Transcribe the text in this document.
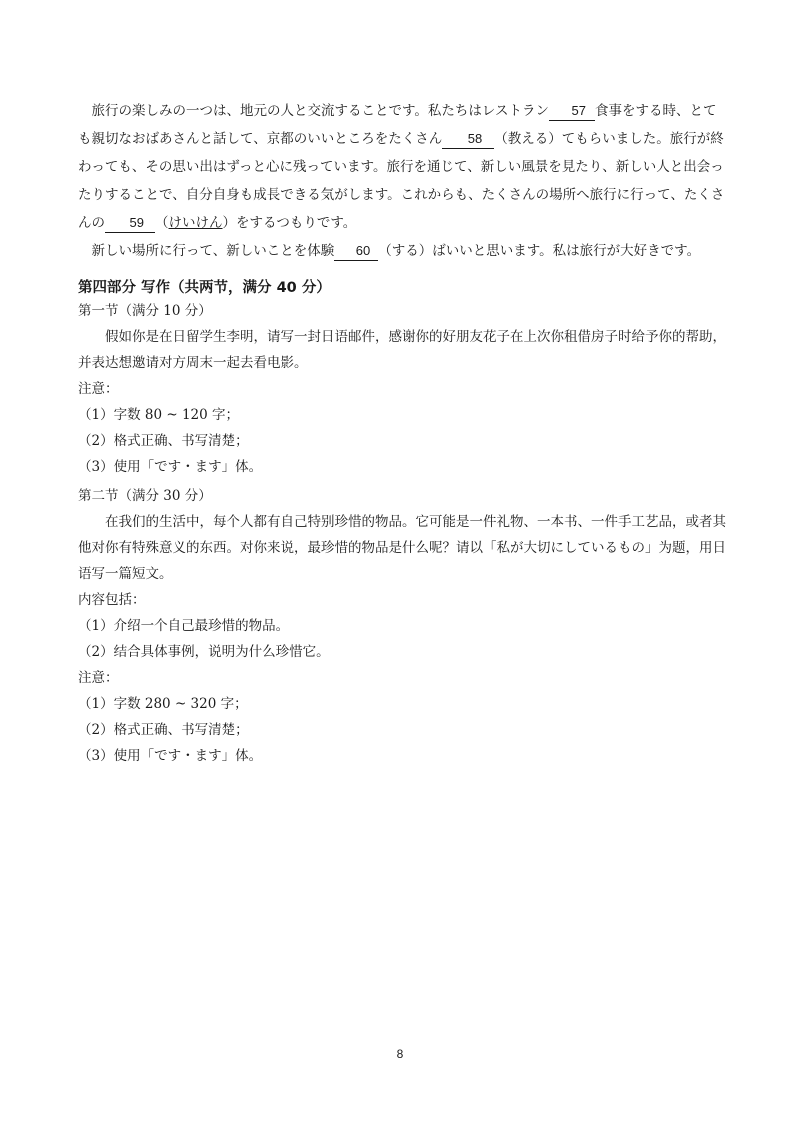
旅行の楽しみの一つは、地元の人と交流することです。私たちはレストラン 57 食事をする時、とても親切なおばあさんと話して、京都のいいところをたくさん 58 （教える）てもらいました。旅行が終わっても、その思い出はずっと心に残っています。旅行を通じて、新しい風景を見たり、新しい人と出会ったりすることで、自分自身も成長できる気がします。これからも、たくさんの場所へ旅行に行って、たくさんの 59 （けいけん）をするつもりです。

新しい場所に行って、新しいことを体験 60 （する）ばいいと思います。私は旅行が大好きです。

第四部分 写作（共两节，满分 40 分）

第一节（满分 10 分）

假如你是在日留学生李明，请写一封日语邮件，感谢你的好朋友花子在上次你租借房子时给予你的帮助，并表达想邀请对方周末一起去看电影。

注意：

（1）字数 80 ~ 120 字；

（2）格式正确、书写清楚；

（3）使用「です・ます」体。

第二节（满分 30 分）

在我们的生活中，每个人都有自己特别珍惜的物品。它可能是一件礼物、一本书、一件手工艺品，或者其他对你有特殊意义的东西。对你来说，最珍惜的物品是什么呢？请以「私が大切にしているもの」为题，用日语写一篇短文。

内容包括：

（1）介绍一个自己最珍惜的物品。

（2）结合具体事例，说明为什么珍惜它。

注意：

（1）字数 280 ~ 320 字；

（2）格式正确、书写清楚；

（3）使用「です・ます」体。

8
